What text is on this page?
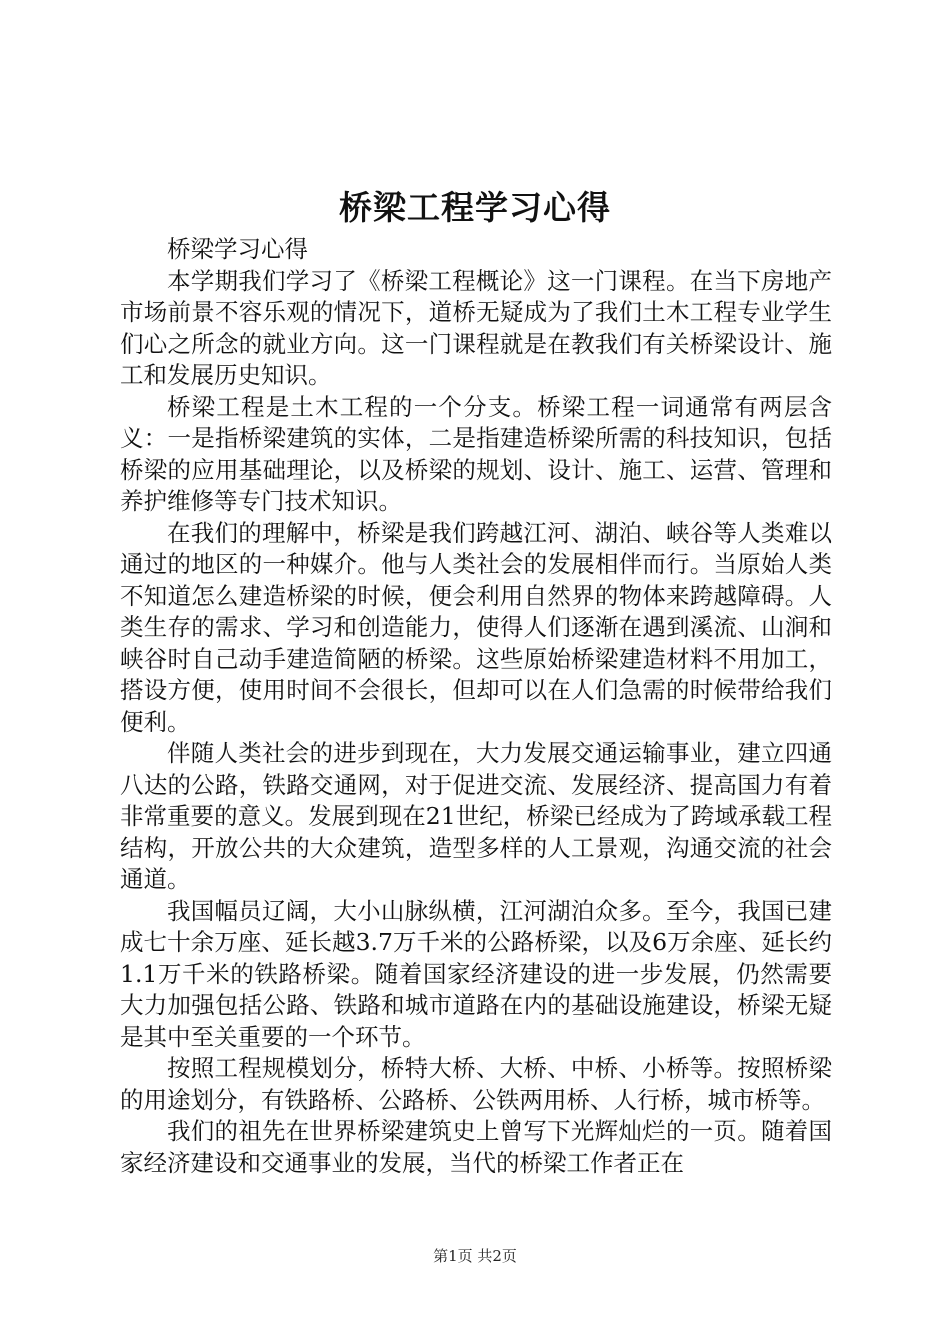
桥梁工程学习心得

桥梁学习心得

本学期我们学习了《桥梁工程概论》这一门课程。在当下房地产市场前景不容乐观的情况下，道桥无疑成为了我们土木工程专业学生们心之所念的就业方向。这一门课程就是在教我们有关桥梁设计、施工和发展历史知识。

桥梁工程是土木工程的一个分支。桥梁工程一词通常有两层含义：一是指桥梁建筑的实体，二是指建造桥梁所需的科技知识，包括桥梁的应用基础理论，以及桥梁的规划、设计、施工、运营、管理和养护维修等专门技术知识。

在我们的理解中，桥梁是我们跨越江河、湖泊、峡谷等人类难以通过的地区的一种媒介。他与人类社会的发展相伴而行。当原始人类不知道怎么建造桥梁的时候，便会利用自然界的物体来跨越障碍。人类生存的需求、学习和创造能力，使得人们逐渐在遇到溪流、山涧和峡谷时自己动手建造简陋的桥梁。这些原始桥梁建造材料不用加工，搭设方便，使用时间不会很长，但却可以在人们急需的时候带给我们便利。

伴随人类社会的进步到现在，大力发展交通运输事业，建立四通八达的公路，铁路交通网，对于促进交流、发展经济、提高国力有着非常重要的意义。发展到现在21世纪，桥梁已经成为了跨域承载工程结构，开放公共的大众建筑，造型多样的人工景观，沟通交流的社会通道。

我国幅员辽阔，大小山脉纵横，江河湖泊众多。至今，我国已建成七十余万座、延长越3.7万千米的公路桥梁，以及6万余座、延长约1.1万千米的铁路桥梁。随着国家经济建设的进一步发展，仍然需要大力加强包括公路、铁路和城市道路在内的基础设施建设，桥梁无疑是其中至关重要的一个环节。

按照工程规模划分，桥特大桥、大桥、中桥、小桥等。按照桥梁的用途划分，有铁路桥、公路桥、公铁两用桥、人行桥，城市桥等。

我们的祖先在世界桥梁建筑史上曾写下光辉灿烂的一页。随着国家经济建设和交通事业的发展，当代的桥梁工作者正在

第1页 共2页
